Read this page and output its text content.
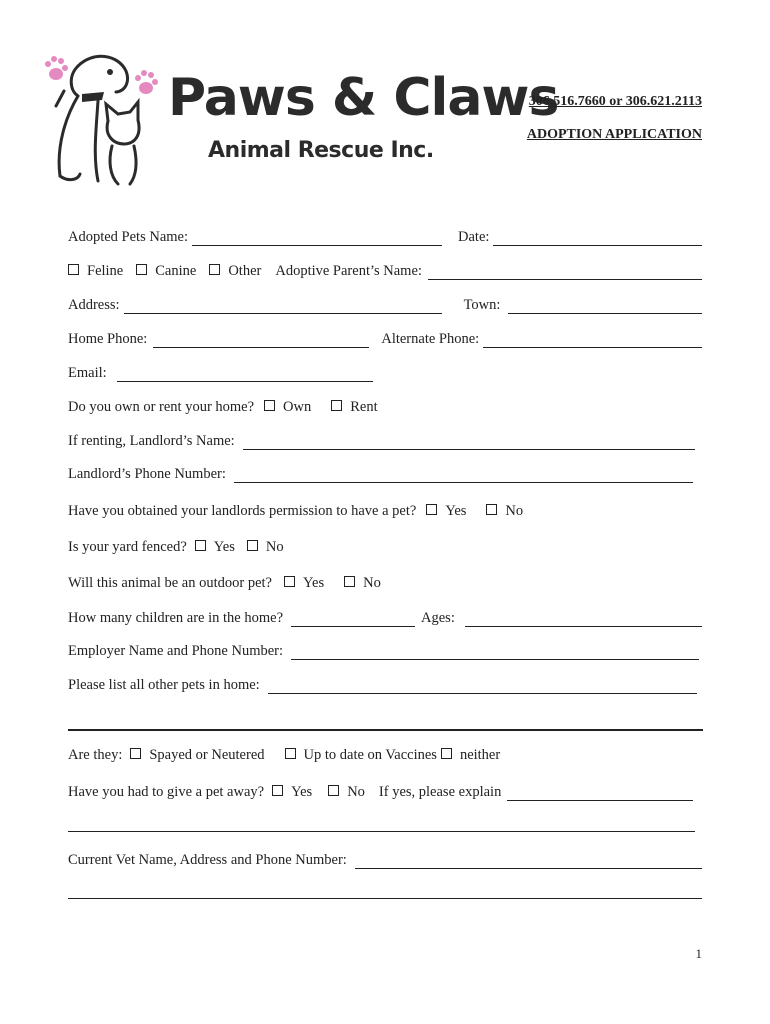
Paws & Claws
Animal Rescue Inc.
306.516.7660 or 306.621.2113
ADOPTION APPLICATION
Adopted Pets Name:	Date:
Feline Canine Other Adoptive Parent’s Name:
Address:	Town:
Home Phone:	Alternate Phone:
Email:
Do you own or rent your home? Own	Rent
If renting, Landlord’s Name:
Landlord’s Phone Number:
Have you obtained your landlords permission to have a pet? Yes	No
Is your yard fenced? Yes No
Will this animal be an outdoor pet? Yes	No
How many children are in the home?	Ages:
Employer Name and Phone Number:
Please list all other pets in home:
Are they: Spayed or Neutered	Up to date on Vaccines neither
Have you had to give a pet away? Yes No If yes, please explain
Current Vet Name, Address and Phone Number:
1
